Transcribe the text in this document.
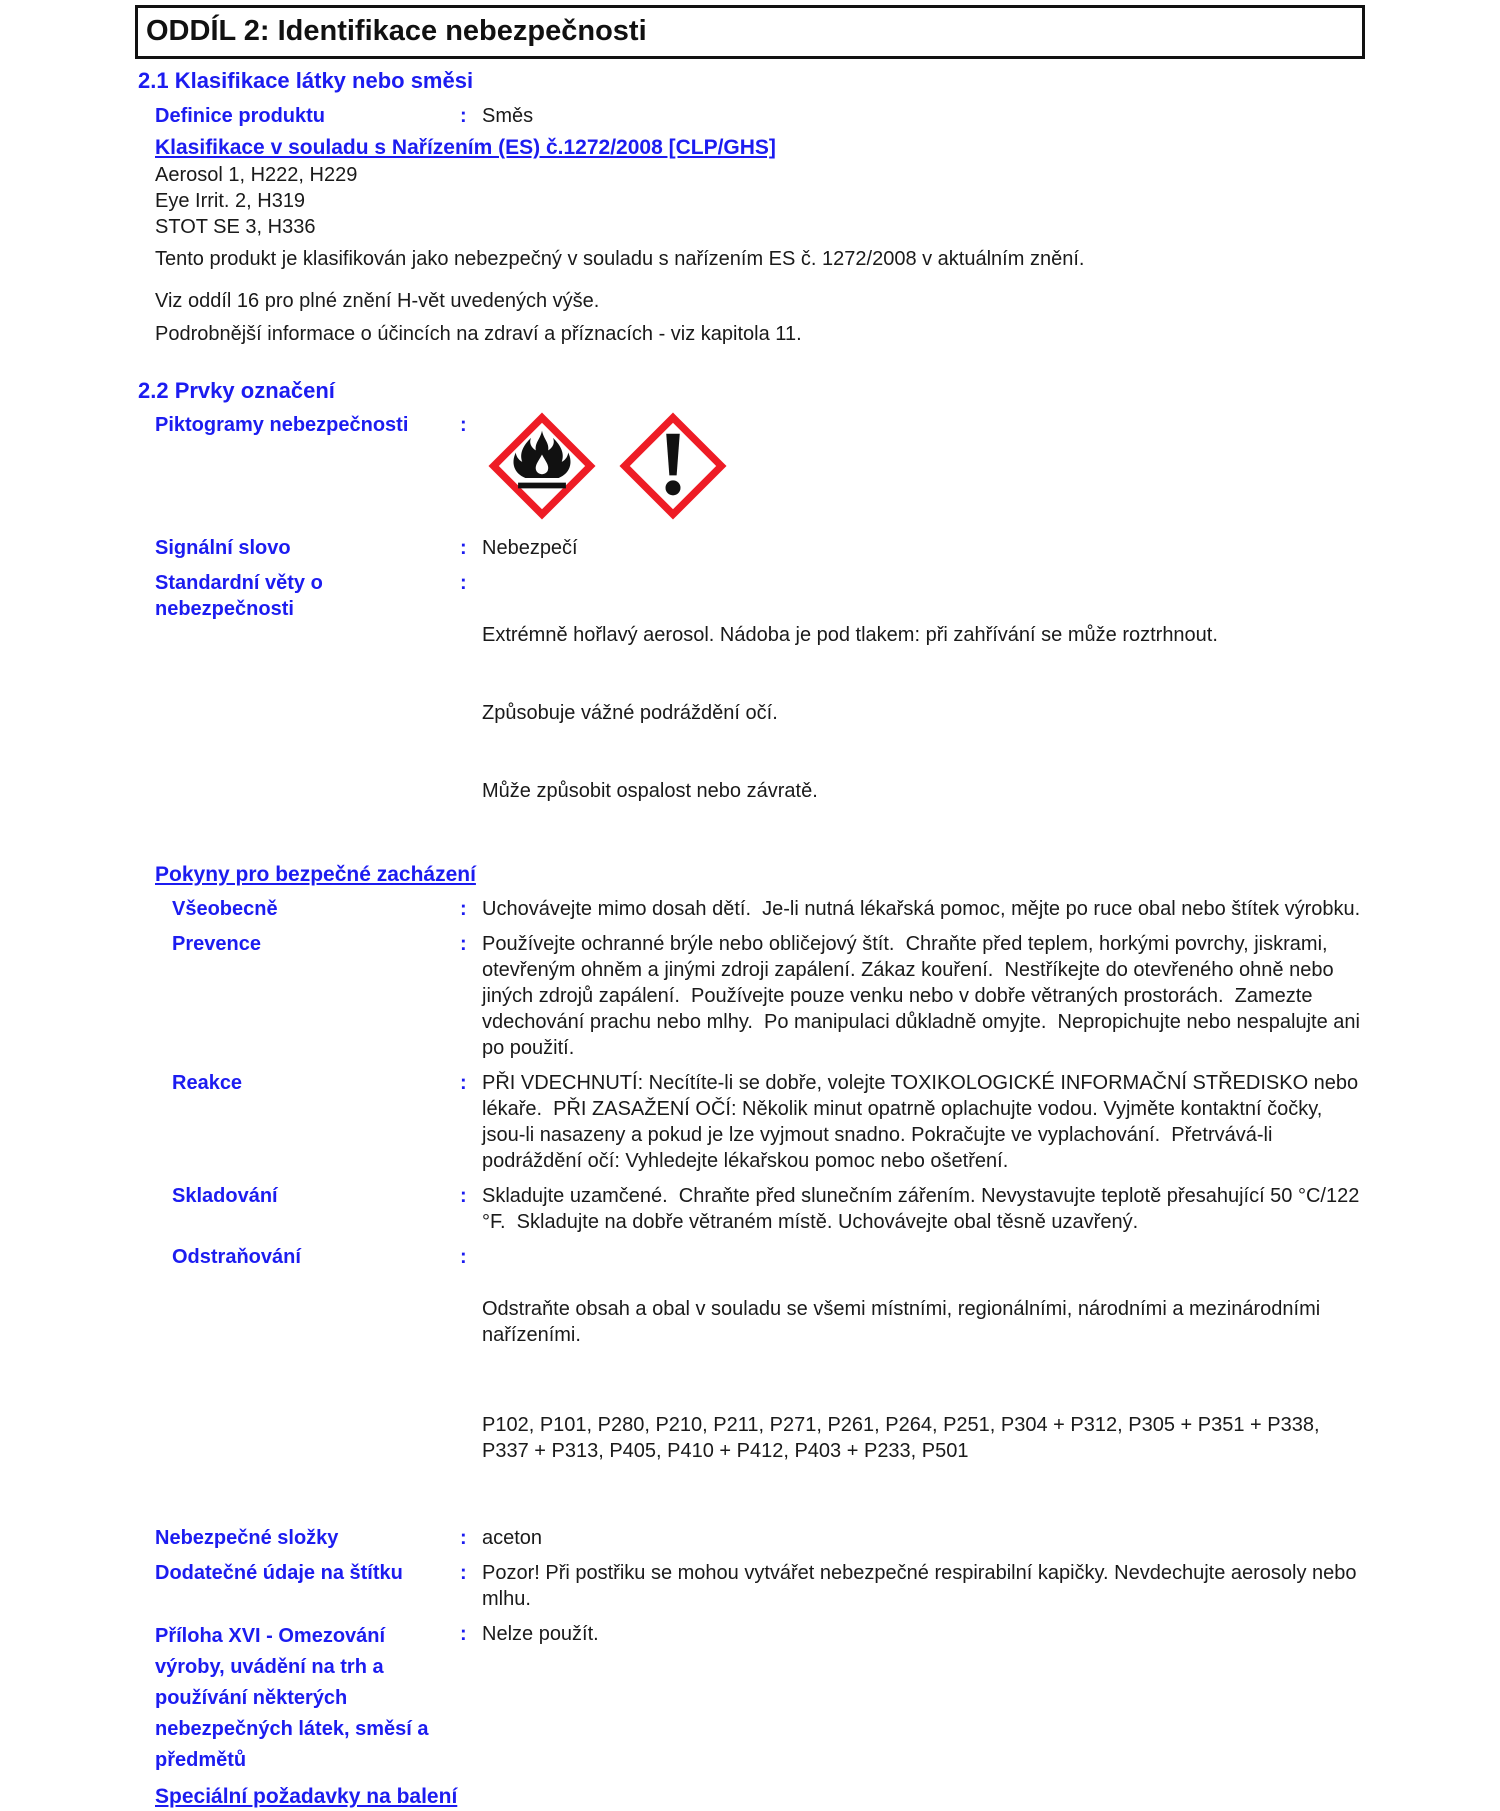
ODDÍL 2: Identifikace nebezpečnosti
2.1 Klasifikace látky nebo směsi
Definice produktu	: Směs
Klasifikace v souladu s Nařízením (ES) č.1272/2008 [CLP/GHS]
Aerosol 1, H222, H229
Eye Irrit. 2, H319
STOT SE 3, H336
Tento produkt je klasifikován jako nebezpečný v souladu s nařízením ES č. 1272/2008 v aktuálním znění.
Viz oddíl 16 pro plné znění H-vět uvedených výše.
Podrobnější informace o účincích na zdraví a příznacích - viz kapitola 11.
2.2 Prvky označení
Piktogramy nebezpečnosti	:
Signální slovo	: Nebezpečí
Standardní věty o nebezpečnosti
:

Extrémně hořlavý aerosol. Nádoba je pod tlakem: při zahřívání se může roztrhnout.

Způsobuje vážné podráždění očí.

Může způsobit ospalost nebo závratě.

Pokyny pro bezpečné zacházení
Všeobecně	: Uchovávejte mimo dosah dětí.  Je-li nutná lékařská pomoc, mějte po ruce obal nebo štítek výrobku.
Prevence	: Používejte ochranné brýle nebo obličejový štít.  Chraňte před teplem, horkými povrchy, jiskrami, otevřeným ohněm a jinými zdroji zapálení. Zákaz kouření.  Nestříkejte do otevřeného ohně nebo jiných zdrojů zapálení.  Používejte pouze venku nebo v dobře větraných prostorách.  Zamezte vdechování prachu nebo mlhy.  Po manipulaci důkladně omyjte.  Nepropichujte nebo nespalujte ani po použití.
Reakce	: PŘI VDECHNUTÍ: Necítíte-li se dobře, volejte TOXIKOLOGICKÉ INFORMAČNÍ STŘEDISKO nebo lékaře.  PŘI ZASAŽENÍ OČÍ: Několik minut opatrně oplachujte vodou. Vyjměte kontaktní čočky, jsou-li nasazeny a pokud je lze vyjmout snadno. Pokračujte ve vyplachování.  Přetrvává-li podráždění očí: Vyhledejte lékařskou pomoc nebo ošetření.
Skladování	: Skladujte uzamčené.  Chraňte před slunečním zářením. Nevystavujte teplotě přesahující 50 °C/122 °F.  Skladujte na dobře větraném místě. Uchovávejte obal těsně uzavřený.
Odstraňování	:

Odstraňte obsah a obal v souladu se všemi místními, regionálními, národními a mezinárodními nařízeními.

P102, P101, P280, P210, P211, P271, P261, P264, P251, P304 + P312, P305 + P351 + P338, P337 + P313, P405, P410 + P412, P403 + P233, P501

Nebezpečné složky	: aceton
Dodatečné údaje na štítku	: Pozor! Při postřiku se mohou vytvářet nebezpečné respirabilní kapičky. Nevdechujte aerosoly nebo mlhu.
Příloha XVI - Omezování výroby, uvádění na trh a používání některých nebezpečných látek, směsí a předmětů
: Nelze použít.
Speciální požadavky na balení
